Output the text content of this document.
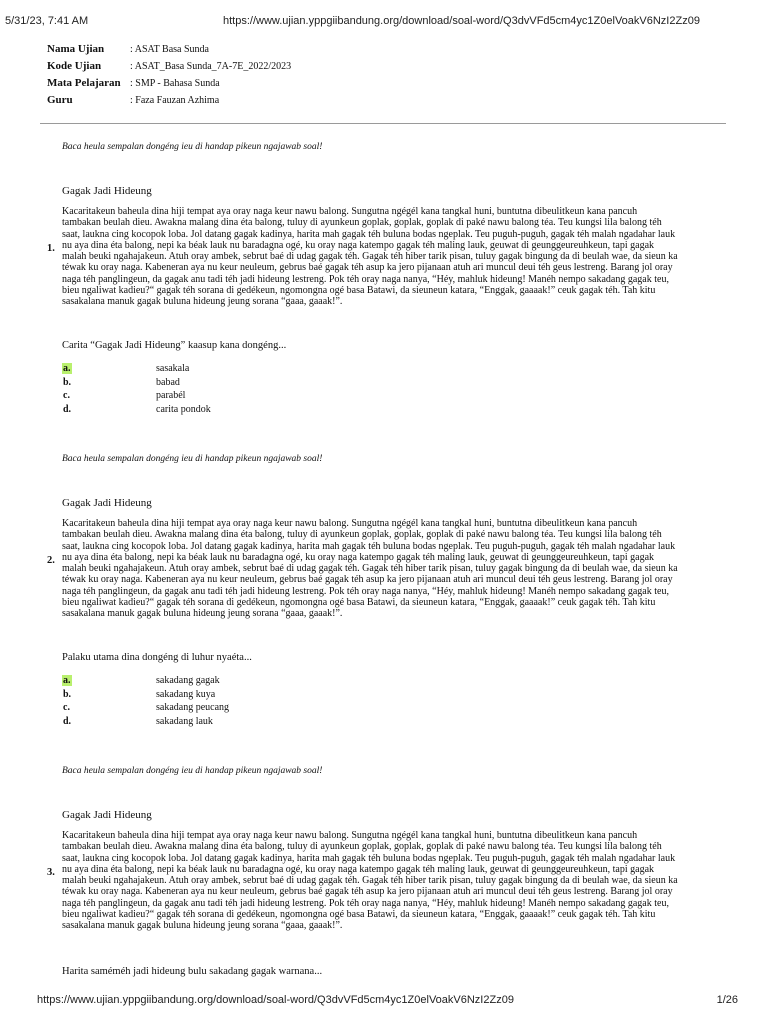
5/31/23, 7:41 AM	https://www.ujian.yppgiibandung.org/download/soal-word/Q3dvVFd5cm4yc1Z0elVoakV6NzI2Zz09
Nama Ujian	: ASAT Basa Sunda
Kode Ujian	: ASAT_Basa Sunda_7A-7E_2022/2023
Mata Pelajaran : SMP - Bahasa Sunda
Guru	: Faza Fauzan Azhima
Baca heula sempalan dongéng ieu di handap pikeun ngajawab soal!
Gagak Jadi Hideung
1.
Kacaritakeun baheula dina hiji tempat aya oray naga keur nawu balong. Sungutna ngégél kana tangkal huni, buntutna dibeulitkeun kana pancuh
tambakan beulah dieu. Awakna malang dina éta balong, tuluy di ayunkeun goplak, goplak, goplak di paké nawu balong téa. Teu kungsi lila balong téh
saat, laukna cing kocopok loba. Jol datang gagak kadinya, harita mah gagak téh bulunа bodas ngeplak. Teu puguh-puguh, gagak téh malah ngadahar lauk
nu aya dina éta balong, nepi ka béak lauk nu baradagna ogé, ku oray naga katempo gagak téh maling lauk, geuwat di geunggeureuhkeun, tapi gagak
malah beuki ngahajakeun. Atuh oray ambek, sebrut baé di udag gagak téh. Gagak téh hiber tarik pisan, tuluy gagak bingung da di beulah wae, da sieun ka
téwak ku oray naga. Kabeneran aya nu keur neuleum, gebrus baé gagak téh asup ka jero pijanaan atuh ari muncul deui téh geus lestreng. Barang jol oray
naga téh panglingeun, da gagak anu tadi téh jadi hideung lestreng. Pok téh oray naga nanya, “Héy, mahluk hideung! Manéh nempo sakadang gagak teu,
bieu ngaliwat kadieu?“ gagak téh sorana di gedékeun, ngomongna ogé basa Batawi, da sieuneun katara, “Enggak, gaaaak!” ceuk gagak téh. Tah kitu
sasakalana manuk gagak buluna hideung jeung sorana “gaaa, gaaak!”.
Carita “Gagak Jadi Hideung” kaasup kana dongéng...
a.	sasakala
b.	babad
c.	parabél
d.	carita pondok
Baca heula sempalan dongéng ieu di handap pikeun ngajawab soal!
Gagak Jadi Hideung
2.
Kacaritakeun baheula dina hiji tempat aya oray naga keur nawu balong. Sungutna ngégél kana tangkal huni, buntutna dibeulitkeun kana pancuh
tambakan beulah dieu. Awakna malang dina éta balong, tuluy di ayunkeun goplak, goplak, goplak di paké nawu balong téa. Teu kungsi lila balong téh
saat, laukna cing kocopok loba. Jol datang gagak kadinya, harita mah gagak téh buluna bodas ngeplak. Teu puguh-puguh, gagak téh malah ngadahar lauk
nu aya dina éta balong, nepi ka béak lauk nu baradagna ogé, ku oray naga katempo gagak téh maling lauk, geuwat di geunggeureuhkeun, tapi gagak
malah beuki ngahajakeun. Atuh oray ambek, sebrut baé di udag gagak téh. Gagak téh hiber tarik pisan, tuluy gagak bingung da di beulah wae, da sieun ka
téwak ku oray naga. Kabeneran aya nu keur neuleum, gebrus baé gagak téh asup ka jero pijanaan atuh ari muncul deui téh geus lestreng. Barang jol oray
naga téh panglingeun, da gagak anu tadi téh jadi hideung lestreng. Pok téh oray naga nanya, “Héy, mahluk hideung! Manéh nempo sakadang gagak teu,
bieu ngaliwat kadieu?“ gagak téh sorana di gedékeun, ngomongna ogé basa Batawi, da sieuneun katara, “Enggak, gaaaak!” ceuk gagak téh. Tah kitu
sasakalana manuk gagak buluna hideung jeung sorana “gaaa, gaaak!”.
Palaku utama dina dongéng di luhur nyaéta...
a.	sakadang gagak
b.	sakadang kuya
c.	sakadang peucang
d.	sakadang lauk
Baca heula sempalan dongéng ieu di handap pikeun ngajawab soal!
Gagak Jadi Hideung
3.
Kacaritakeun baheula dina hiji tempat aya oray naga keur nawu balong. Sungutna ngégél kana tangkal huni, buntutna dibeulitkeun kana pancuh
tambakan beulah dieu. Awakna malang dina éta balong, tuluy di ayunkeun goplak, goplak, goplak di paké nawu balong téa. Teu kungsi lila balong téh
saat, laukna cing kocopok loba. Jol datang gagak kadinya, harita mah gagak téh buluna bodas ngeplak. Teu puguh-puguh, gagak téh malah ngadahar lauk
nu aya dina éta balong, nepi ka béak lauk nu baradagna ogé, ku oray naga katempo gagak téh maling lauk, geuwat di geunggeureuhkeun, tapi gagak
malah beuki ngahajakeun. Atuh oray ambek, sebrut baé di udag gagak téh. Gagak téh hiber tarik pisan, tuluy gagak bingung da di beulah wae, da sieun ka
téwak ku oray naga. Kabeneran aya nu keur neuleum, gebrus baé gagak téh asup ka jero pijanaan atuh ari muncul deui téh geus lestreng. Barang jol oray
naga téh panglingeun, da gagak anu tadi téh jadi hideung lestreng. Pok téh oray naga nanya, “Héy, mahluk hideung! Manéh nempo sakadang gagak teu,
bieu ngaliwat kadieu?“ gagak téh sorana di gedékeun, ngomongna ogé basa Batawi, da sieuneun katara, “Enggak, gaaaak!” ceuk gagak téh. Tah kitu
sasakalana manuk gagak buluna hideung jeung sorana “gaaa, gaaak!”.
Harita saméméh jadi hideung bulu sakadang gagak warnana...
https://www.ujian.yppgiibandung.org/download/soal-word/Q3dvVFd5cm4yc1Z0elVoakV6NzI2Zz09	1/26
